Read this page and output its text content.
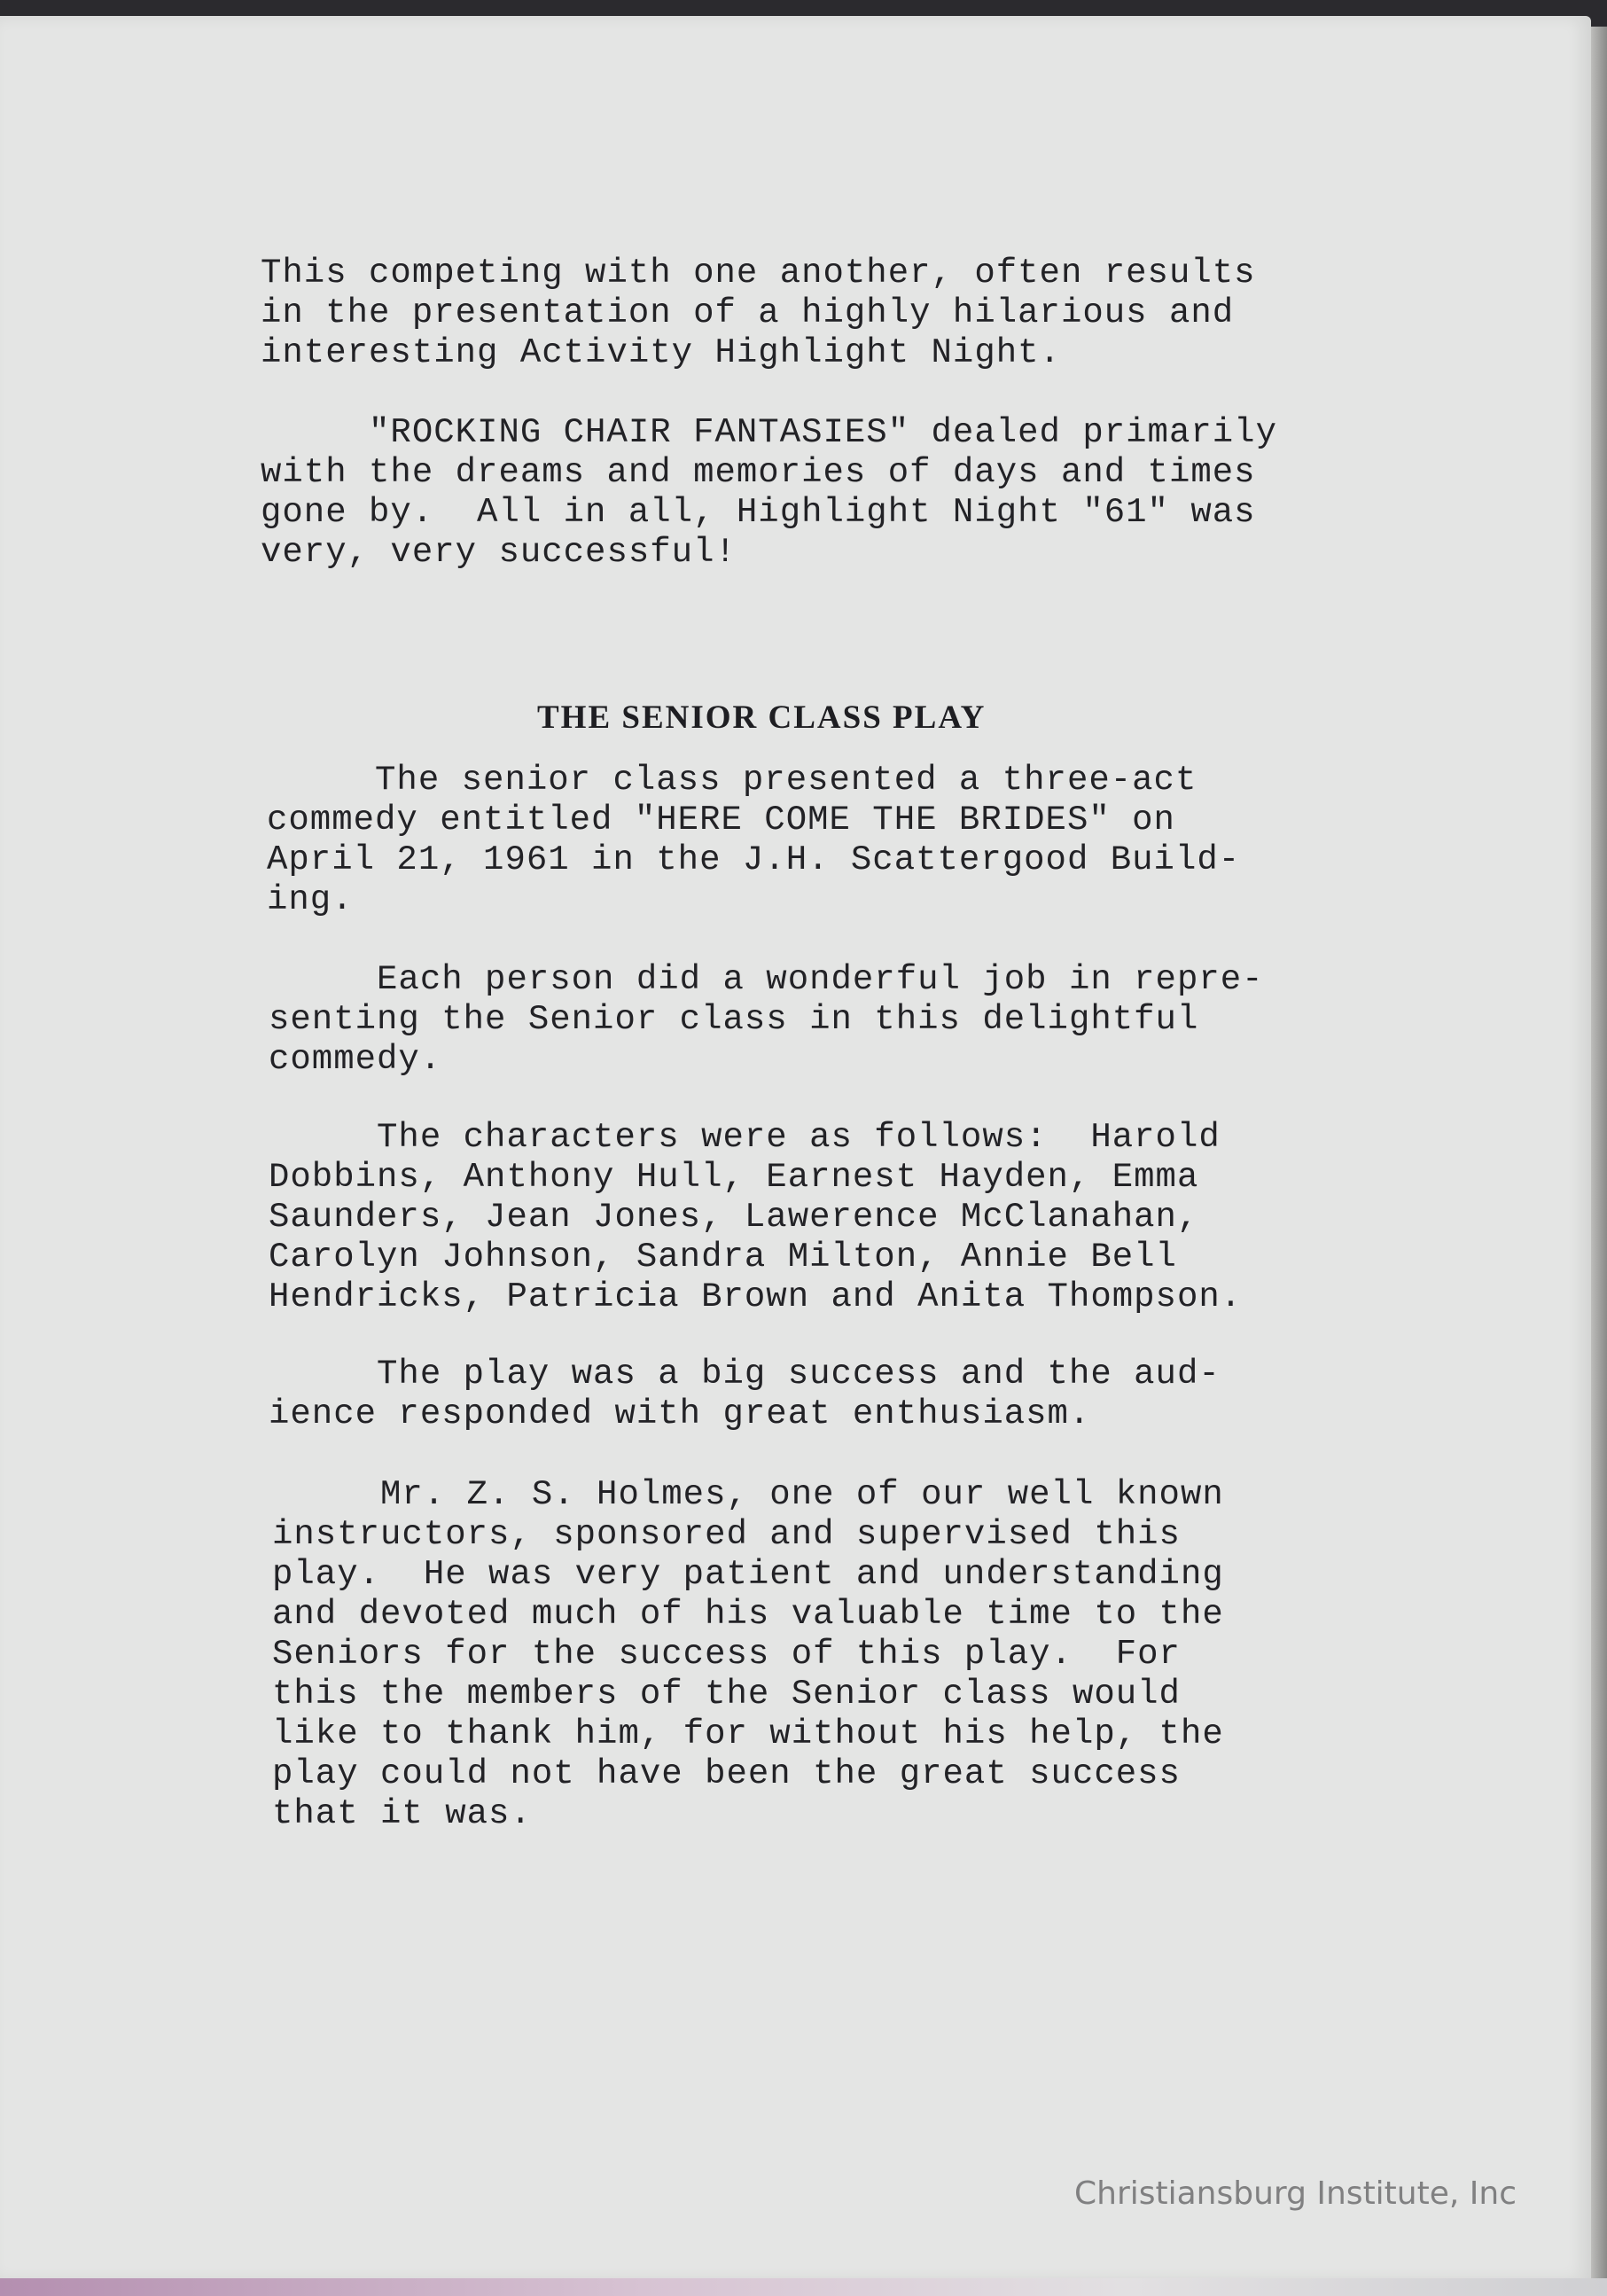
This competing with one another, often results
in the presentation of a highly hilarious and
interesting Activity Highlight Night.
"ROCKING CHAIR FANTASIES" dealed primarily
with the dreams and memories of days and times
gone by.  All in all, Highlight Night "61" was
very, very successful!
THE SENIOR CLASS PLAY
The senior class presented a three-act
commedy entitled "HERE COME THE BRIDES" on
April 21, 1961 in the J.H. Scattergood Build-
ing.
Each person did a wonderful job in repre-
senting the Senior class in this delightful
commedy.
The characters were as follows:  Harold
Dobbins, Anthony Hull, Earnest Hayden, Emma
Saunders, Jean Jones, Lawerence McClanahan,
Carolyn Johnson, Sandra Milton, Annie Bell
Hendricks, Patricia Brown and Anita Thompson.
The play was a big success and the aud-
ience responded with great enthusiasm.
Mr. Z. S. Holmes, one of our well known
instructors, sponsored and supervised this
play.  He was very patient and understanding
and devoted much of his valuable time to the
Seniors for the success of this play.  For
this the members of the Senior class would
like to thank him, for without his help, the
play could not have been the great success
that it was.
Christiansburg Institute, Inc
